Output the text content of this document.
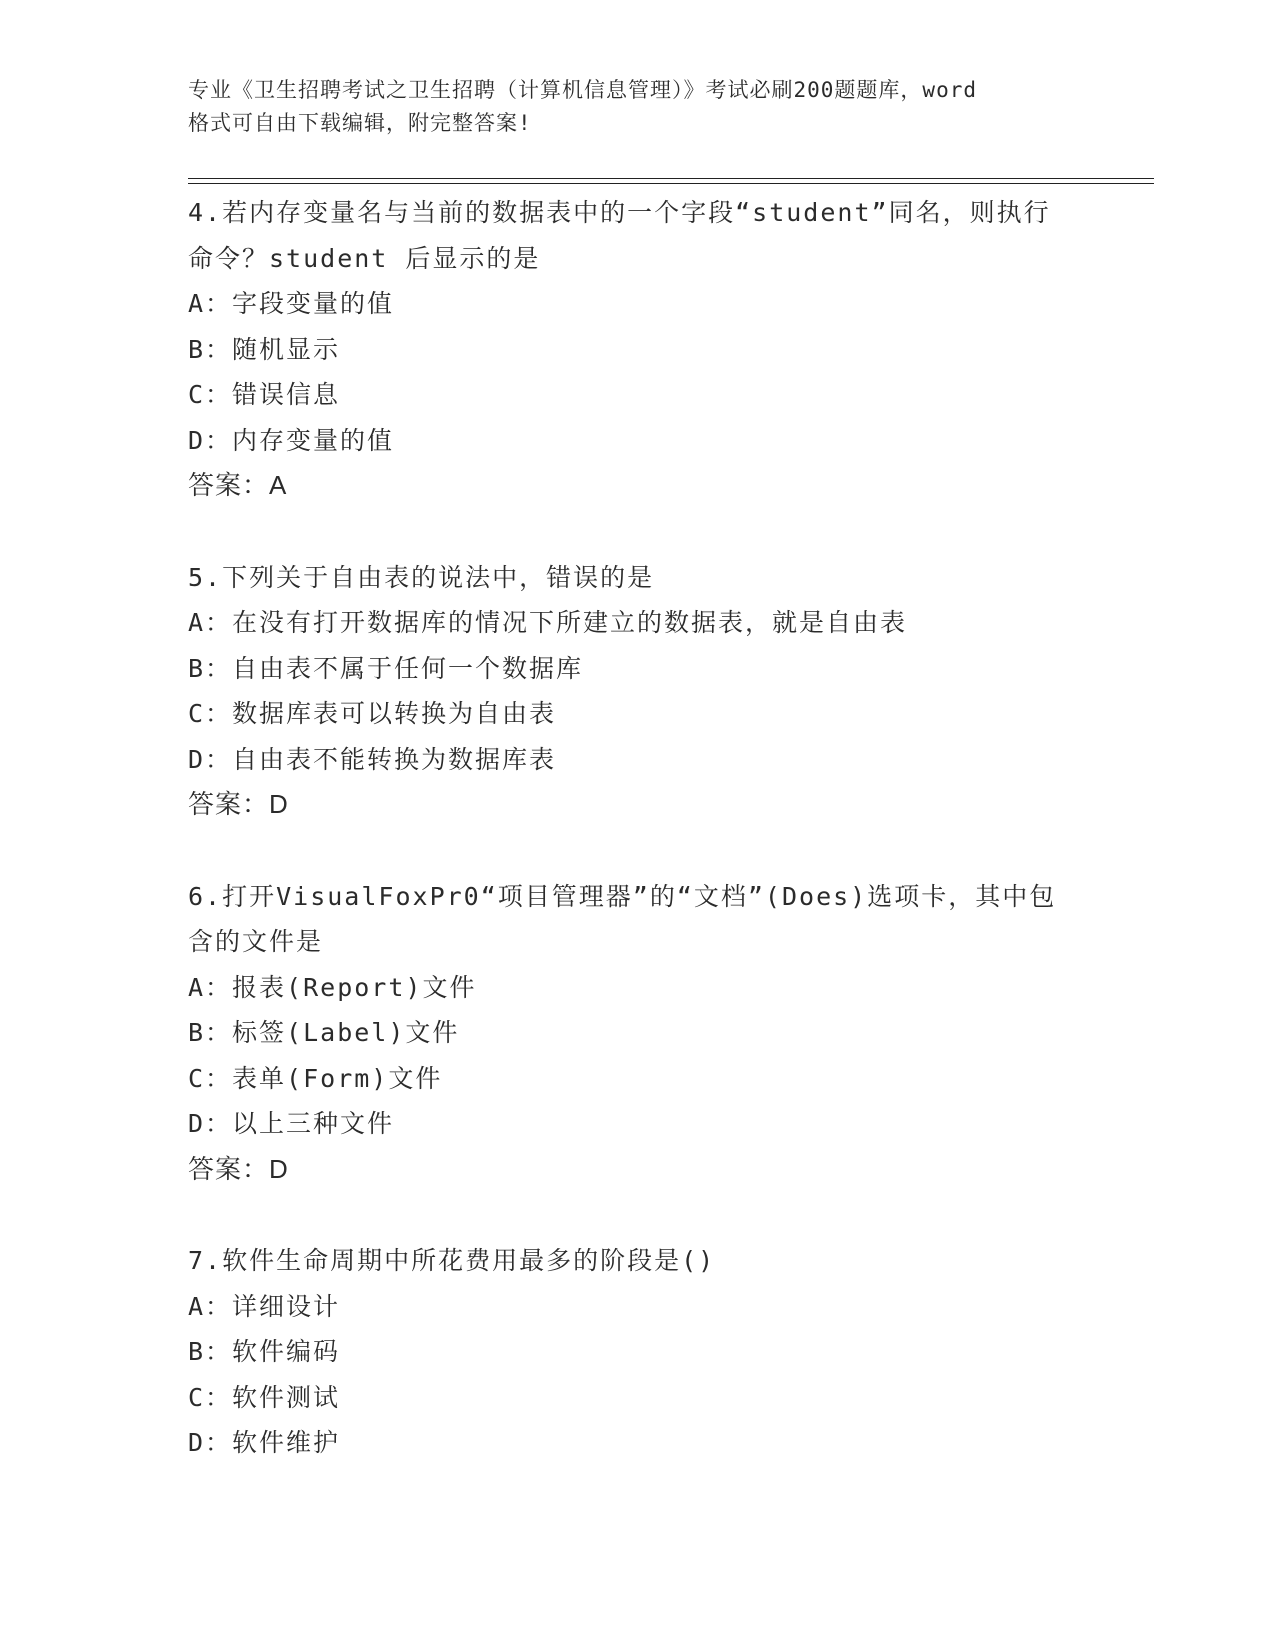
专业《卫生招聘考试之卫生招聘（计算机信息管理）》考试必刷200题题库，word
格式可自由下载编辑，附完整答案!
4.若内存变量名与当前的数据表中的一个字段“student”同名，则执行命令？student 后显示的是
A：字段变量的值
B：随机显示
C：错误信息
D：内存变量的值
答案：A
5.下列关于自由表的说法中，错误的是
A：在没有打开数据库的情况下所建立的数据表，就是自由表
B：自由表不属于任何一个数据库
C：数据库表可以转换为自由表
D：自由表不能转换为数据库表
答案：D
6.打开VisualFoxPr0“项目管理器”的“文档”(Does)选项卡，其中包含的文件是
A：报表(Report)文件
B：标签(Label)文件
C：表单(Form)文件
D：以上三种文件
答案：D
7.软件生命周期中所花费用最多的阶段是()
A：详细设计
B：软件编码
C：软件测试
D：软件维护
